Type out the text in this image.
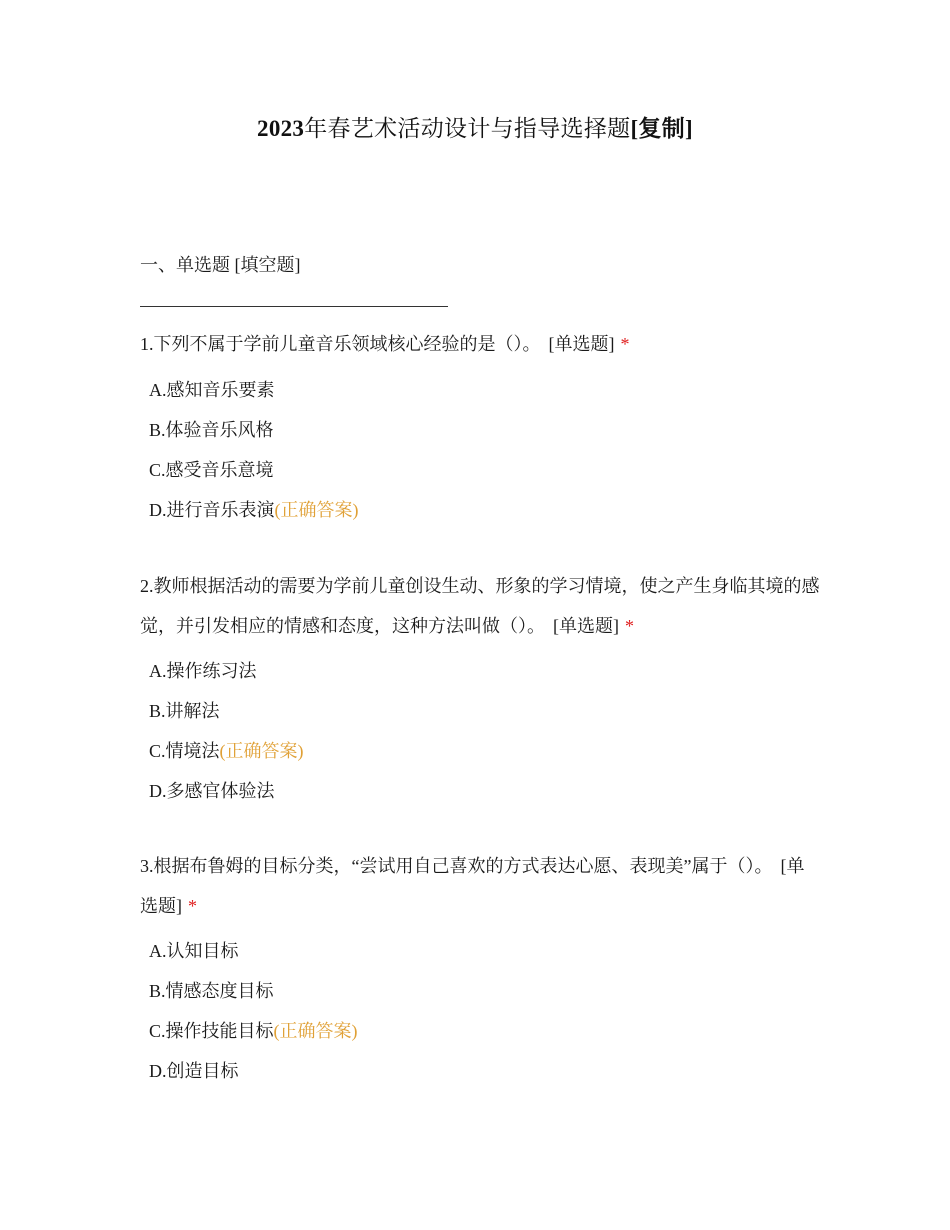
2023年春艺术活动设计与指导选择题[复制]
一、单选题 [填空题]
1.下列不属于学前儿童音乐领域核心经验的是（）。 [单选题] *
A.感知音乐要素
B.体验音乐风格
C.感受音乐意境
D.进行音乐表演(正确答案)
2.教师根据活动的需要为学前儿童创设生动、形象的学习情境，使之产生身临其境的感觉，并引发相应的情感和态度，这种方法叫做（）。 [单选题] *
A.操作练习法
B.讲解法
C.情境法(正确答案)
D.多感官体验法
3.根据布鲁姆的目标分类，“尝试用自己喜欢的方式表达心愿、表现美”属于（）。 [单选题] *
A.认知目标
B.情感态度目标
C.操作技能目标(正确答案)
D.创造目标
